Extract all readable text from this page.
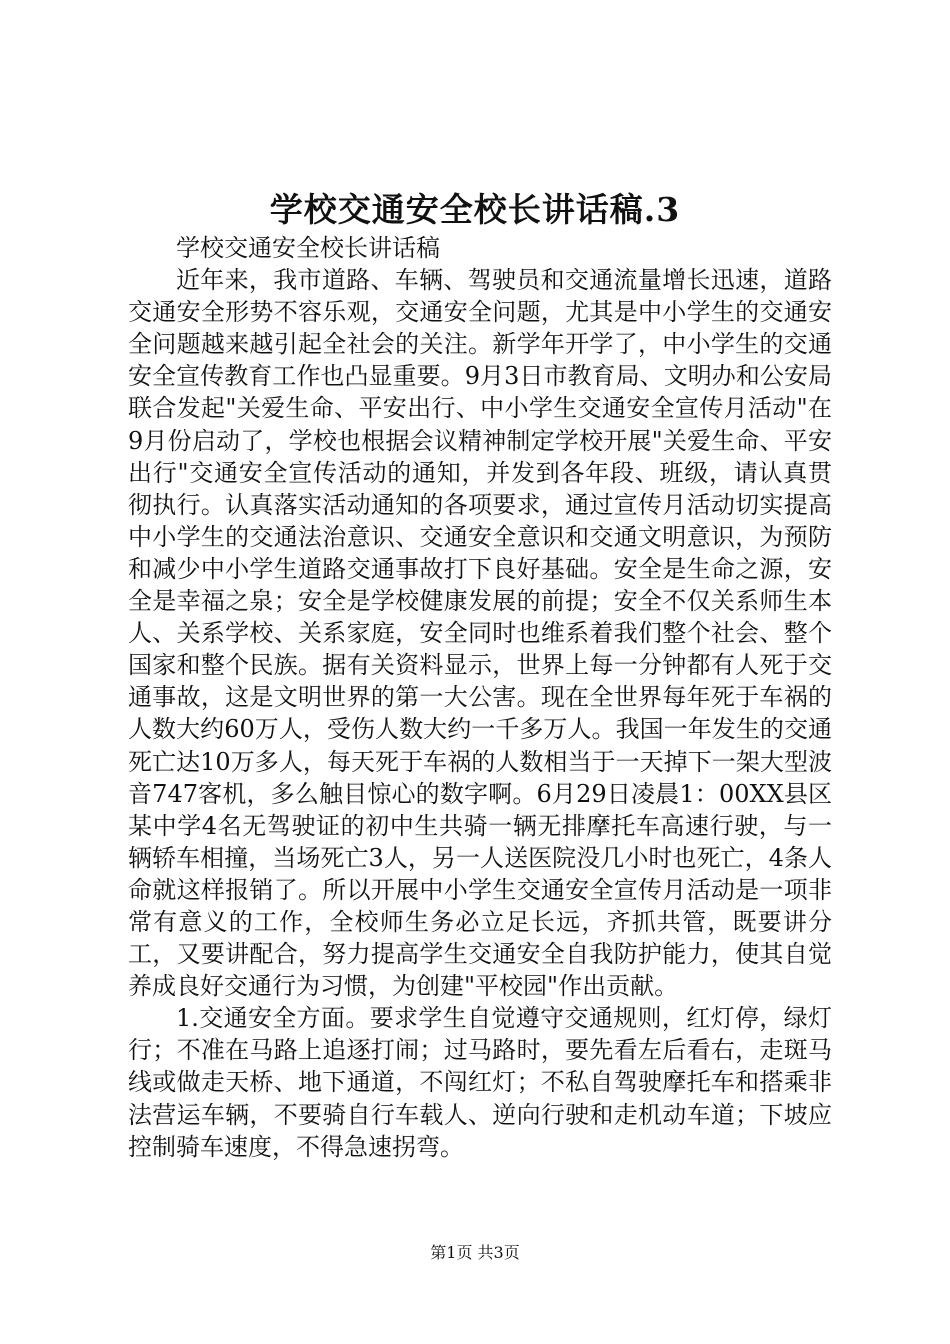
学校交通安全校长讲话稿.3

学校交通安全校长讲话稿

近年来，我市道路、车辆、驾驶员和交通流量增长迅速，道路交通安全形势不容乐观，交通安全问题，尤其是中小学生的交通安全问题越来越引起全社会的关注。新学年开学了，中小学生的交通安全宣传教育工作也凸显重要。9月3日市教育局、文明办和公安局联合发起"关爱生命、平安出行、中小学生交通安全宣传月活动"在9月份启动了，学校也根据会议精神制定学校开展"关爱生命、平安出行"交通安全宣传活动的通知，并发到各年段、班级，请认真贯彻执行。认真落实活动通知的各项要求，通过宣传月活动切实提高中小学生的交通法治意识、交通安全意识和交通文明意识，为预防和减少中小学生道路交通事故打下良好基础。安全是生命之源，安全是幸福之泉；安全是学校健康发展的前提；安全不仅关系师生本人、关系学校、关系家庭，安全同时也维系着我们整个社会、整个国家和整个民族。据有关资料显示，世界上每一分钟都有人死于交通事故，这是文明世界的第一大公害。现在全世界每年死于车祸的人数大约60万人，受伤人数大约一千多万人。我国一年发生的交通死亡达10万多人，每天死于车祸的人数相当于一天掉下一架大型波音747客机，多么触目惊心的数字啊。6月29日凌晨1：00XX县区某中学4名无驾驶证的初中生共骑一辆无排摩托车高速行驶，与一辆轿车相撞，当场死亡3人，另一人送医院没几小时也死亡，4条人命就这样报销了。所以开展中小学生交通安全宣传月活动是一项非常有意义的工作，全校师生务必立足长远，齐抓共管，既要讲分工，又要讲配合，努力提高学生交通安全自我防护能力，使其自觉养成良好交通行为习惯，为创建"平校园"作出贡献。

1.交通安全方面。要求学生自觉遵守交通规则，红灯停，绿灯行；不准在马路上追逐打闹；过马路时，要先看左后看右，走斑马线或做走天桥、地下通道，不闯红灯；不私自驾驶摩托车和搭乘非法营运车辆，不要骑自行车载人、逆向行驶和走机动车道；下坡应控制骑车速度，不得急速拐弯。

第1页 共3页
